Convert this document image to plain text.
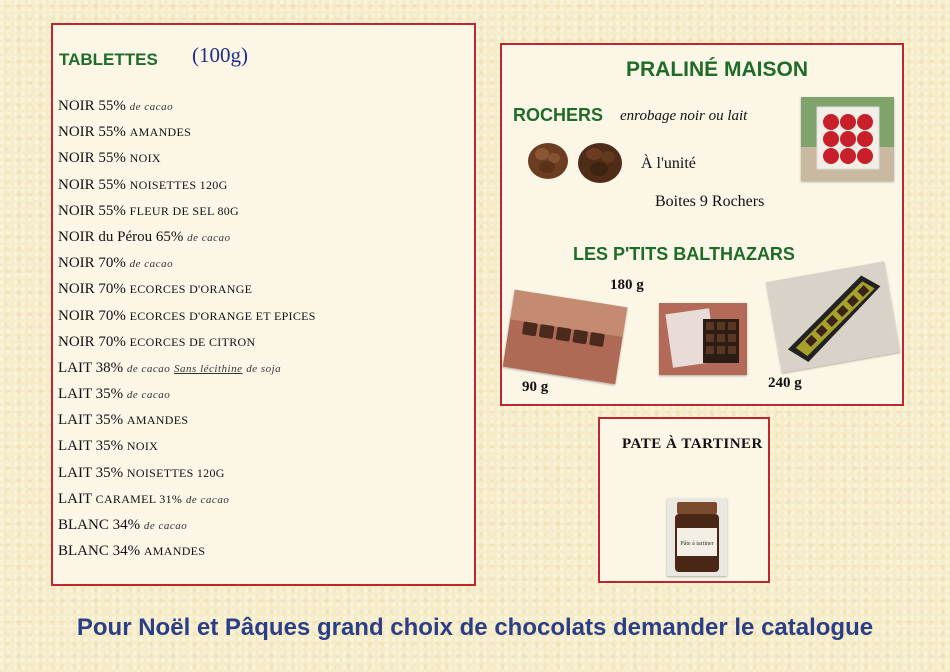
TABLETTES (100g)
NOIR 55% de cacao
NOIR 55% AMANDES
NOIR 55% NOIX
NOIR 55% NOISETTES 120G
NOIR 55% FLEUR DE SEL 80G
NOIR du Pérou 65% de cacao
NOIR 70% de cacao
NOIR 70% ECORCES D'ORANGE
NOIR 70% ECORCES D'ORANGE ET EPICES
NOIR 70% ECORCES DE CITRON
LAIT 38% de cacao Sans lécithine de soja
LAIT 35% de cacao
LAIT 35% AMANDES
LAIT 35% NOIX
LAIT 35% NOISETTES 120G
LAIT CARAMEL 31% de cacao
BLANC 34% de cacao
BLANC 34% AMANDES
PRALINÉ MAISON
ROCHERS enrobage noir ou lait
À l'unité
Boites 9 Rochers
LES P'TITS BALTHAZARS
180 g
90 g	240 g
PATE À TARTINER
Pâte à tartiner
Pour Noël et Pâques grand choix de chocolats demander le catalogue
